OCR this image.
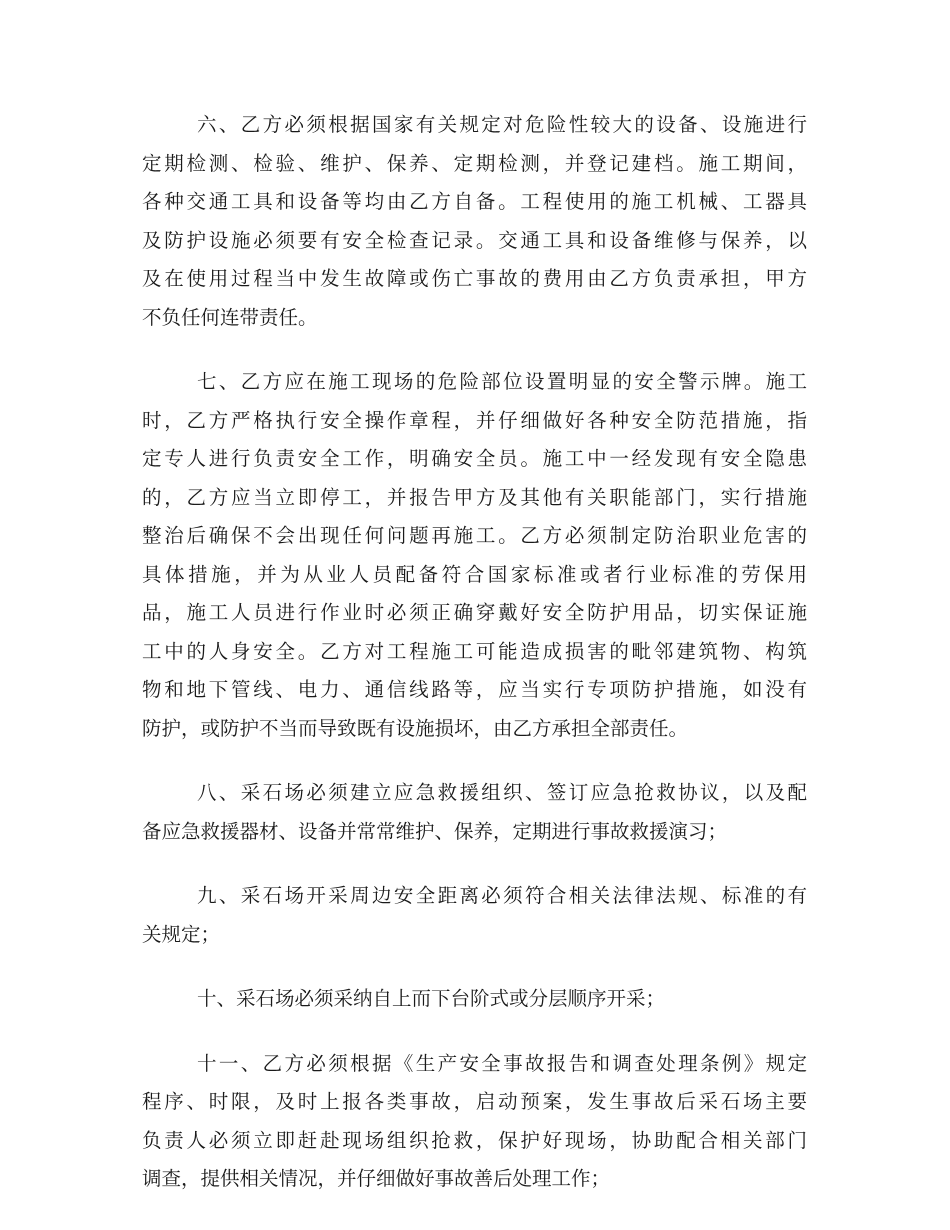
六、乙方必须根据国家有关规定对危险性较大的设备、设施进行
定期检测、检验、维护、保养、定期检测，并登记建档。施工期间，
各种交通工具和设备等均由乙方自备。工程使用的施工机械、工器具
及防护设施必须要有安全检查记录。交通工具和设备维修与保养，以
及在使用过程当中发生故障或伤亡事故的费用由乙方负责承担，甲方
不负任何连带责任。
七、乙方应在施工现场的危险部位设置明显的安全警示牌。施工
时，乙方严格执行安全操作章程，并仔细做好各种安全防范措施，指
定专人进行负责安全工作，明确安全员。施工中一经发现有安全隐患
的，乙方应当立即停工，并报告甲方及其他有关职能部门，实行措施
整治后确保不会出现任何问题再施工。乙方必须制定防治职业危害的
具体措施，并为从业人员配备符合国家标准或者行业标准的劳保用
品，施工人员进行作业时必须正确穿戴好安全防护用品，切实保证施
工中的人身安全。乙方对工程施工可能造成损害的毗邻建筑物、构筑
物和地下管线、电力、通信线路等，应当实行专项防护措施，如没有
防护，或防护不当而导致既有设施损坏，由乙方承担全部责任。
八、采石场必须建立应急救援组织、签订应急抢救协议，以及配
备应急救援器材、设备并常常维护、保养，定期进行事故救援演习；
九、采石场开采周边安全距离必须符合相关法律法规、标准的有
关规定；
十、采石场必须采纳自上而下台阶式或分层顺序开采；
十一、乙方必须根据《生产安全事故报告和调查处理条例》规定
程序、时限，及时上报各类事故，启动预案，发生事故后采石场主要
负责人必须立即赶赴现场组织抢救，保护好现场，协助配合相关部门
调查，提供相关情况，并仔细做好事故善后处理工作；
